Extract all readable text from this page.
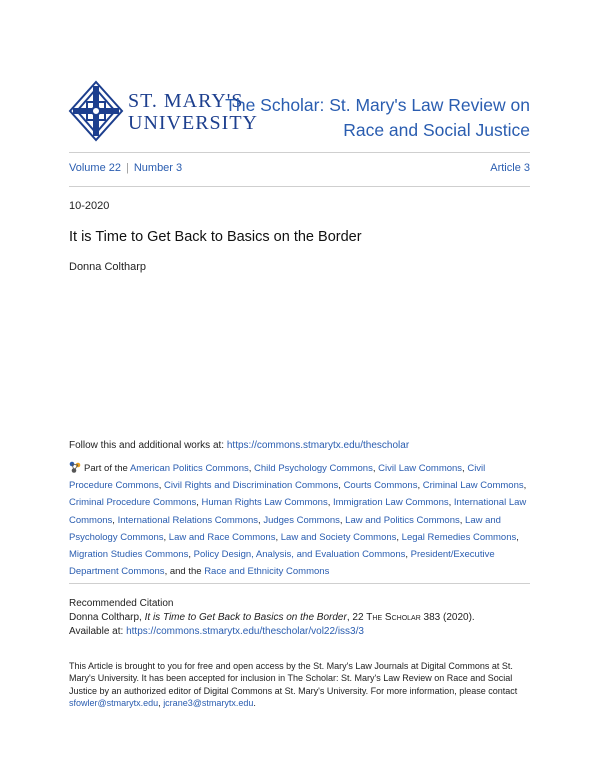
ST. MARY'S
UNIVERSITY
The Scholar: St. Mary's Law Review on Race and Social Justice
Volume 22 | Number 3	Article 3
10-2020
It is Time to Get Back to Basics on the Border
Donna Coltharp
Follow this and additional works at: https://commons.stmarytx.edu/thescholar
Part of the American Politics Commons, Child Psychology Commons, Civil Law Commons, Civil Procedure Commons, Civil Rights and Discrimination Commons, Courts Commons, Criminal Law Commons, Criminal Procedure Commons, Human Rights Law Commons, Immigration Law Commons, International Law Commons, International Relations Commons, Judges Commons, Law and Politics Commons, Law and Psychology Commons, Law and Race Commons, Law and Society Commons, Legal Remedies Commons, Migration Studies Commons, Policy Design, Analysis, and Evaluation Commons, President/Executive Department Commons, and the Race and Ethnicity Commons
Recommended Citation
Donna Coltharp, It is Time to Get Back to Basics on the Border, 22 The Scholar 383 (2020).
Available at: https://commons.stmarytx.edu/thescholar/vol22/iss3/3
This Article is brought to you for free and open access by the St. Mary's Law Journals at Digital Commons at St. Mary's University. It has been accepted for inclusion in The Scholar: St. Mary's Law Review on Race and Social Justice by an authorized editor of Digital Commons at St. Mary's University. For more information, please contact sfowler@stmarytx.edu, jcrane3@stmarytx.edu.
